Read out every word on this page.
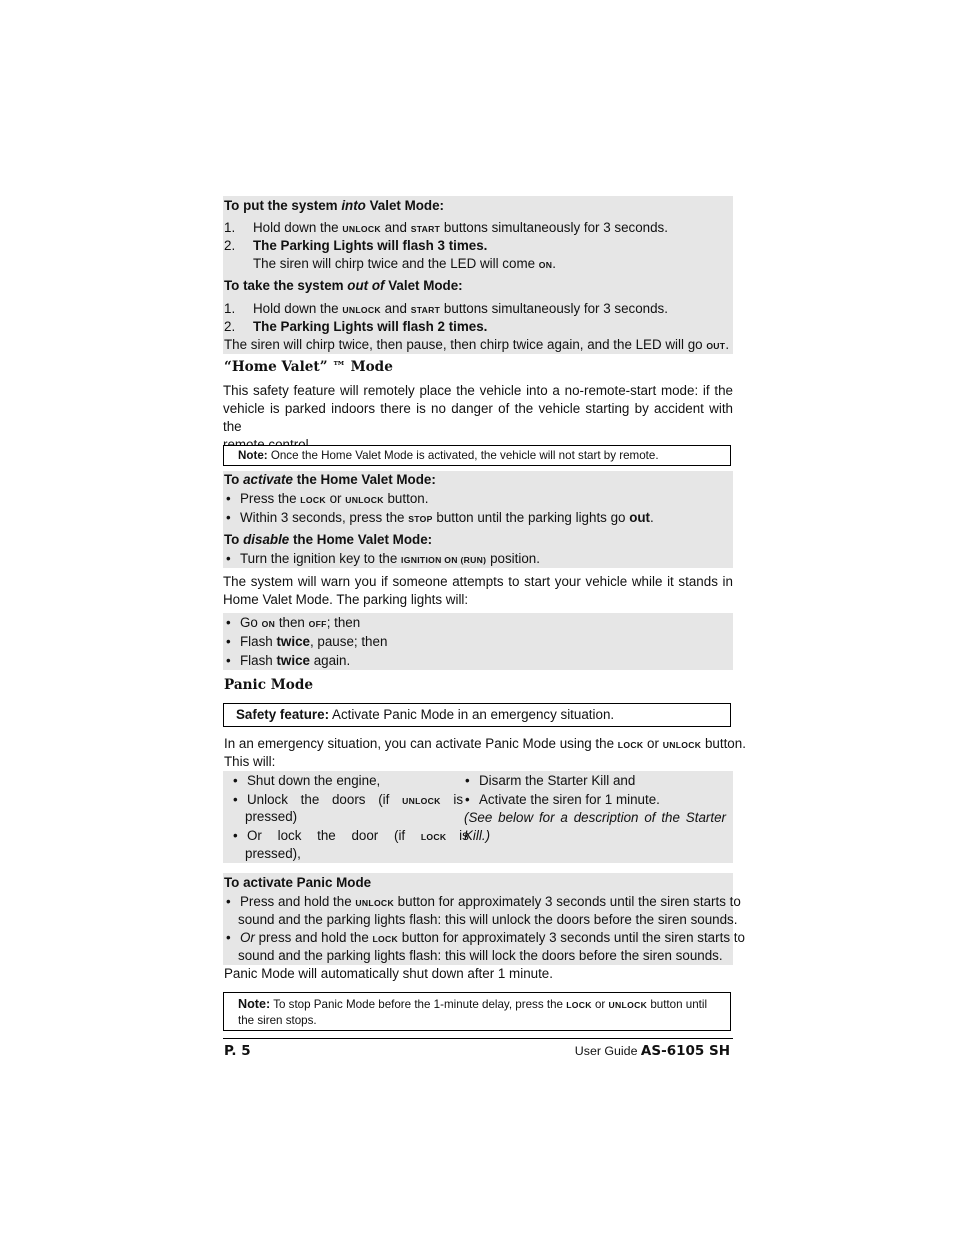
To put the system into Valet Mode:
1. Hold down the UNLOCK and START buttons simultaneously for 3 seconds.
2. The Parking Lights will flash 3 times.
The siren will chirp twice and the LED will come ON.
To take the system out of Valet Mode:
1. Hold down the UNLOCK and START buttons simultaneously for 3 seconds.
2. The Parking Lights will flash 2 times.
The siren will chirp twice, then pause, then chirp twice again, and the LED will go OUT.
“Home Valet” ™ Mode
This safety feature will remotely place the vehicle into a no-remote-start mode: if the
vehicle is parked indoors there is no danger of the vehicle starting by accident with the
Note: Once the Home Valet Mode is activated, the vehicle will not start by remote.
To activate the Home Valet Mode:
• Press the LOCK or UNLOCK button.
• Within 3 seconds, press the STOP button until the parking lights go out.
To disable the Home Valet Mode:
• Turn the ignition key to the IGNITION ON (RUN) position.
The system will warn you if someone attempts to start your vehicle while it stands in
Home Valet Mode. The parking lights will:
• Go ON then OFF; then
• Flash twice, pause; then
• Flash twice again.
Panic Mode
Safety feature: Activate Panic Mode in an emergency situation.
In an emergency situation, you can activate Panic Mode using the LOCK or UNLOCK button.
This will:
• Shut down the engine,
• Unlock the doors (if UNLOCK is
pressed)
• Or lock the door (if LOCK is
pressed),
• Disarm the Starter Kill and
• Activate the siren for 1 minute.
(See below for a description of the Starter
Kill.)
To activate Panic Mode
• Press and hold the UNLOCK button for approximately 3 seconds until the siren starts to
sound and the parking lights flash: this will unlock the doors before the siren sounds.
• Or press and hold the LOCK button for approximately 3 seconds until the siren starts to
sound and the parking lights flash: this will lock the doors before the siren sounds.
Panic Mode will automatically shut down after 1 minute.
Note: To stop Panic Mode before the 1-minute delay, press the LOCK or UNLOCK button until
the siren stops.
P. 5	User Guide AS-6105 SH
